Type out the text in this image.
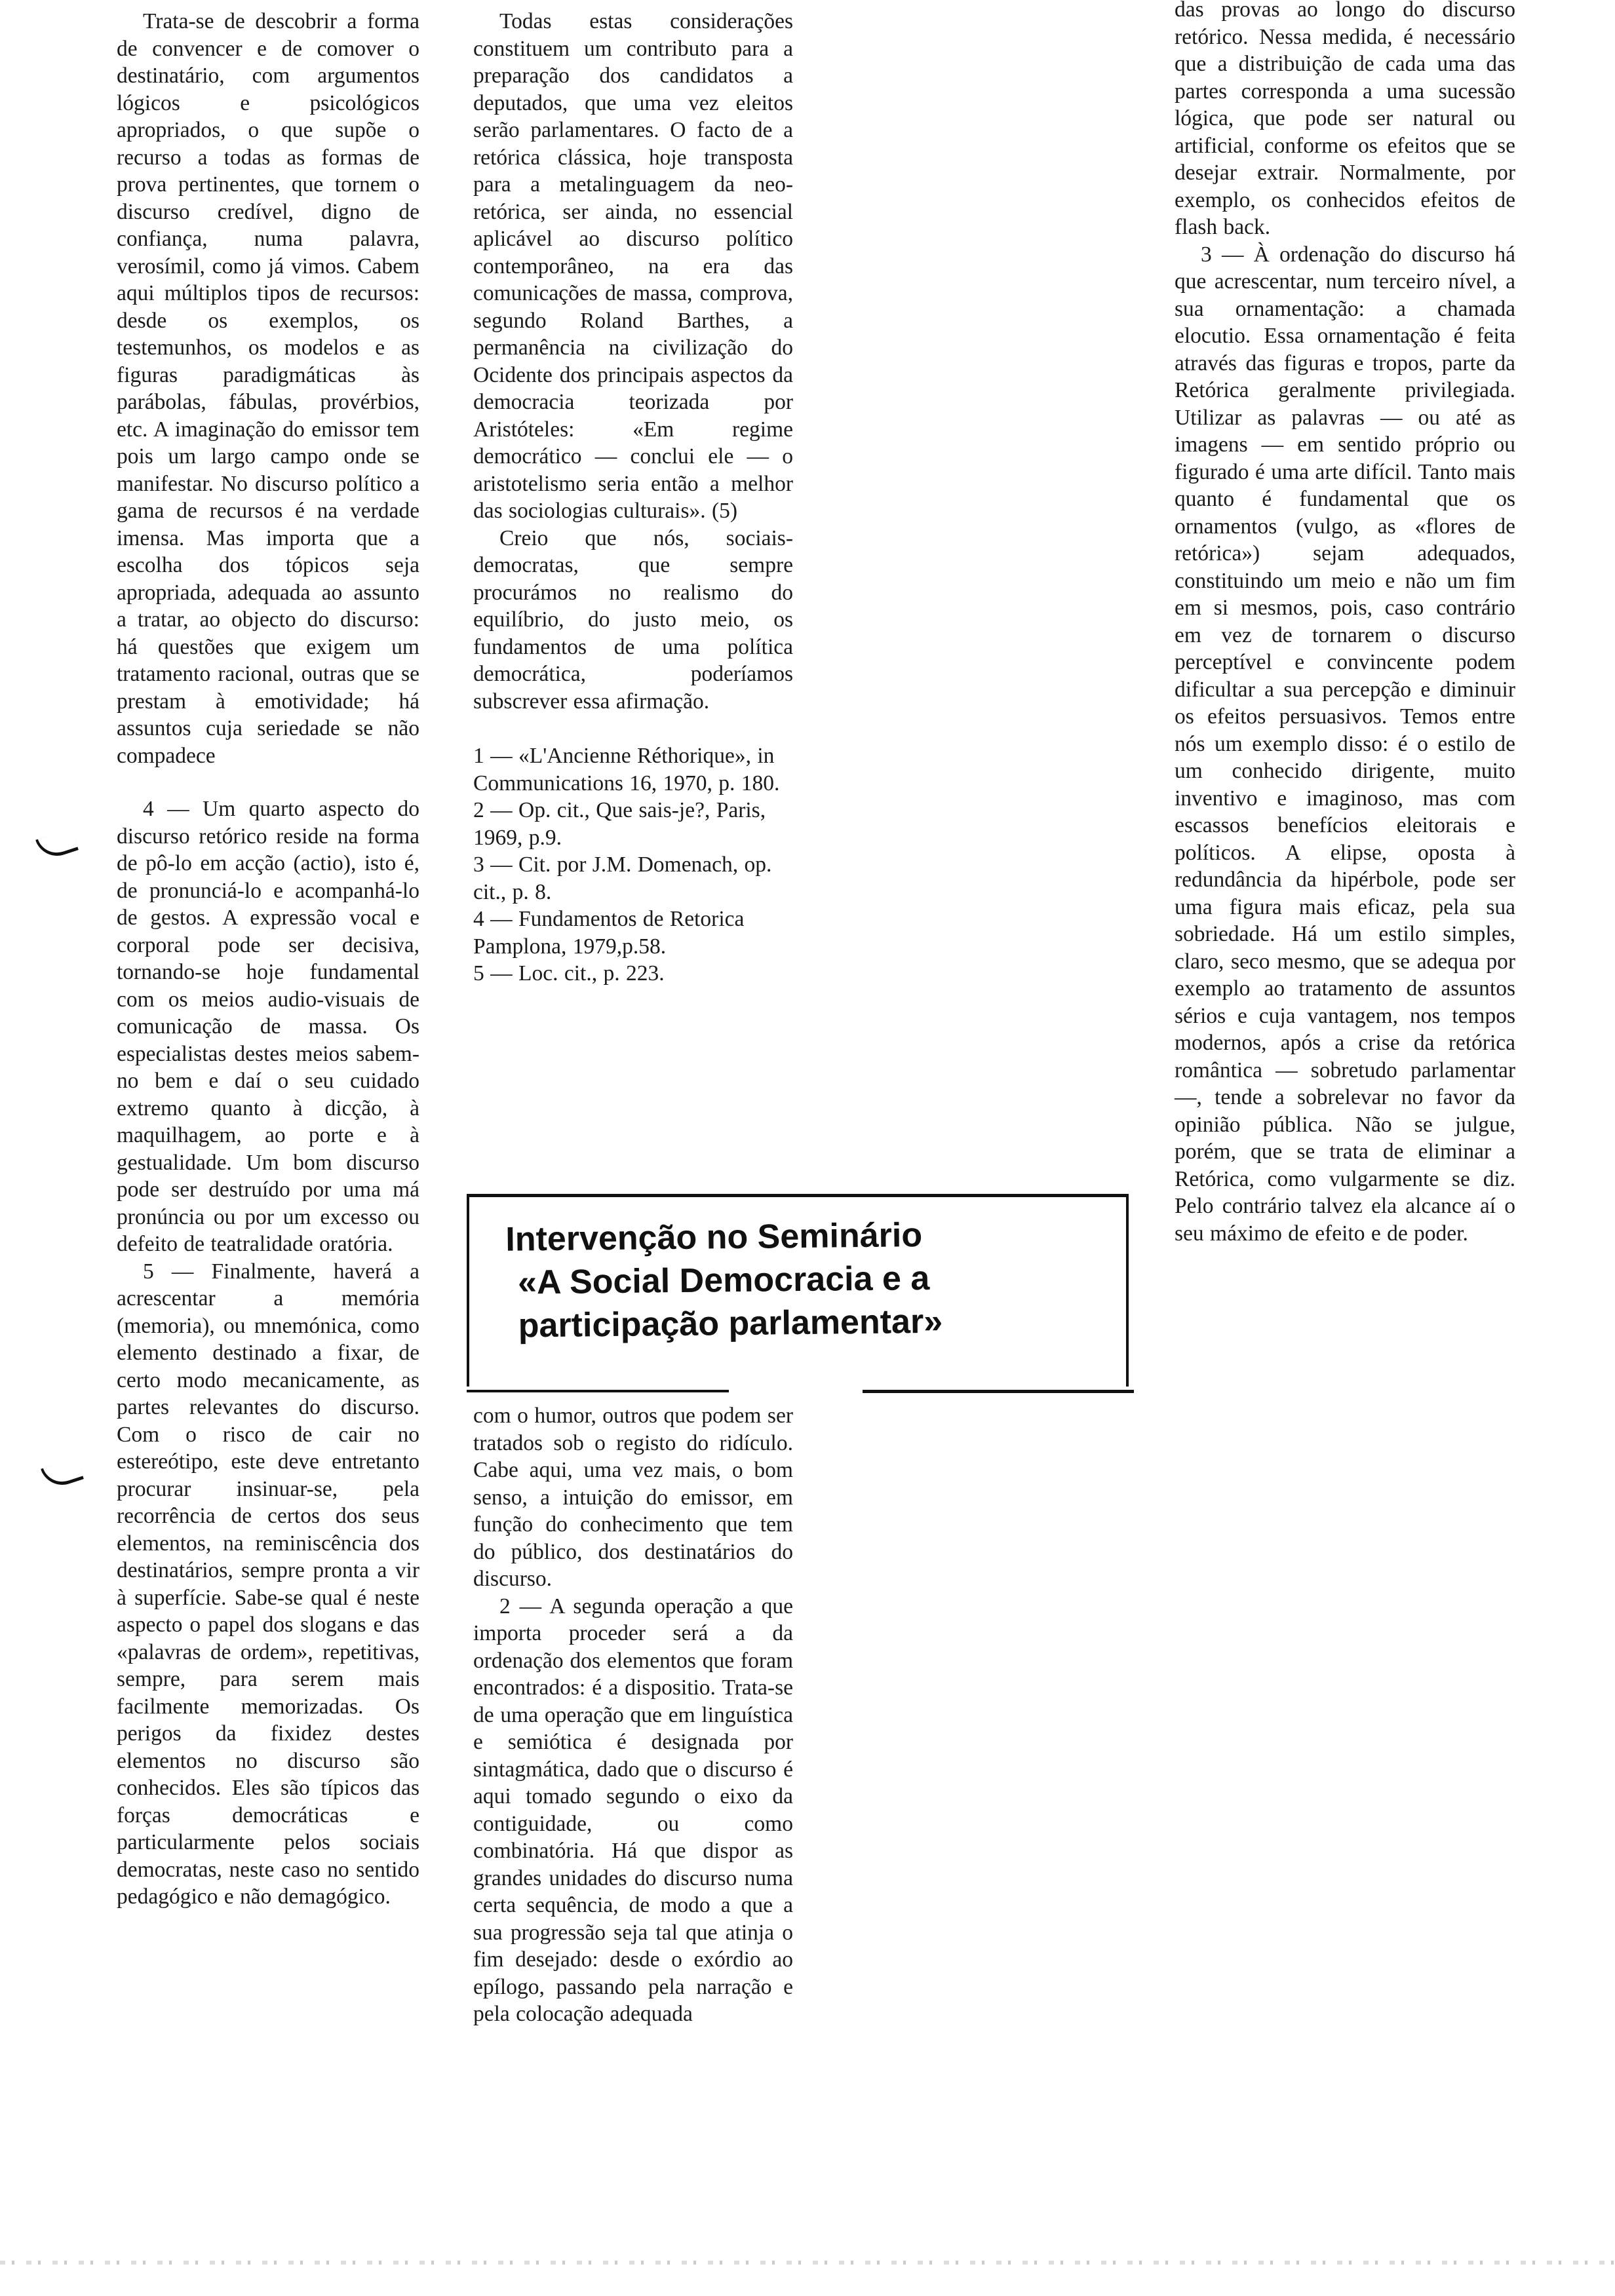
Trata-se de descobrir a forma de convencer e de comover o destinatário, com argumentos lógicos e psicológicos apropriados, o que supõe o recurso a todas as formas de prova pertinentes, que tornem o discurso credível, digno de confiança, numa palavra, verosímil, como já vimos. Cabem aqui múltiplos tipos de recursos: desde os exemplos, os testemunhos, os modelos e as figuras paradigmáticas às parábolas, fábulas, provérbios, etc. A imaginação do emissor tem pois um largo campo onde se manifestar. No discurso político a gama de recursos é na verdade imensa. Mas importa que a escolha dos tópicos seja apropriada, adequada ao assunto a tratar, ao objecto do discurso: há questões que exigem um tratamento racional, outras que se prestam à emotividade; há assuntos cuja seriedade se não compadece

4 — Um quarto aspecto do discurso retórico reside na forma de pô-lo em acção (actio), isto é, de pronunciá-lo e acompanhá-lo de gestos. A expressão vocal e corporal pode ser decisiva, tornando-se hoje fundamental com os meios audio-visuais de comunicação de massa. Os especialistas destes meios sabem-no bem e daí o seu cuidado extremo quanto à dicção, à maquilhagem, ao porte e à gestualidade. Um bom discurso pode ser destruído por uma má pronúncia ou por um excesso ou defeito de teatralidade oratória.

5 — Finalmente, haverá a acrescentar a memória (memoria), ou mnemónica, como elemento destinado a fixar, de certo modo mecanicamente, as partes relevantes do discurso. Com o risco de cair no estereótipo, este deve entretanto procurar insinuar-se, pela recorrência de certos dos seus elementos, na reminiscência dos destinatários, sempre pronta a vir à superfície. Sabe-se qual é neste aspecto o papel dos slogans e das «palavras de ordem», repetitivas, sempre, para serem mais facilmente memorizadas. Os perigos da fixidez destes elementos no discurso são conhecidos. Eles são típicos das forças democráticas e particularmente pelos sociais democratas, neste caso no sentido pedagógico e não demagógico.

Todas estas considerações constituem um contributo para a preparação dos candidatos a deputados, que uma vez eleitos serão parlamentares. O facto de a retórica clássica, hoje transposta para a metalinguagem da neo-retórica, ser ainda, no essencial aplicável ao discurso político contemporâneo, na era das comunicações de massa, comprova, segundo Roland Barthes, a permanência na civilização do Ocidente dos principais aspectos da democracia teorizada por Aristóteles: «Em regime democrático — conclui ele — o aristotelismo seria então a melhor das sociologias culturais». (5)

Creio que nós, sociais-democratas, que sempre procurámos no realismo do equilíbrio, do justo meio, os fundamentos de uma política democrática, poderíamos subscrever essa afirmação.

1 — «L'Ancienne Réthorique», in Communications 16, 1970, p. 180.

2 — Op. cit., Que sais-je?, Paris, 1969, p.9.

3 — Cit. por J.M. Domenach, op. cit., p. 8.

4 — Fundamentos de Retorica Pamplona, 1979,p.58.

5 — Loc. cit., p. 223.

Intervenção no Seminário
«A Social Democracia e a
participação parlamentar»

com o humor, outros que podem ser tratados sob o registo do ridículo. Cabe aqui, uma vez mais, o bom senso, a intuição do emissor, em função do conhecimento que tem do público, dos destinatários do discurso.

2 — A segunda operação a que importa proceder será a da ordenação dos elementos que foram encontrados: é a dispositio. Trata-se de uma operação que em linguística e semiótica é designada por sintagmática, dado que o discurso é aqui tomado segundo o eixo da contiguidade, ou como combinatória. Há que dispor as grandes unidades do discurso numa certa sequência, de modo a que a sua progressão seja tal que atinja o fim desejado: desde o exórdio ao epílogo, passando pela narração e pela colocação adequada

das provas ao longo do discurso retórico. Nessa medida, é necessário que a distribuição de cada uma das partes corresponda a uma sucessão lógica, que pode ser natural ou artificial, conforme os efeitos que se desejar extrair. Normalmente, por exemplo, os conhecidos efeitos de flash back.

3 — À ordenação do discurso há que acrescentar, num terceiro nível, a sua ornamentação: a chamada elocutio. Essa ornamentação é feita através das figuras e tropos, parte da Retórica geralmente privilegiada. Utilizar as palavras — ou até as imagens — em sentido próprio ou figurado é uma arte difícil. Tanto mais quanto é fundamental que os ornamentos (vulgo, as «flores de retórica») sejam adequados, constituindo um meio e não um fim em si mesmos, pois, caso contrário em vez de tornarem o discurso perceptível e convincente podem dificultar a sua percepção e diminuir os efeitos persuasivos. Temos entre nós um exemplo disso: é o estilo de um conhecido dirigente, muito inventivo e imaginoso, mas com escassos benefícios eleitorais e políticos. A elipse, oposta à redundância da hipérbole, pode ser uma figura mais eficaz, pela sua sobriedade. Há um estilo simples, claro, seco mesmo, que se adequa por exemplo ao tratamento de assuntos sérios e cuja vantagem, nos tempos modernos, após a crise da retórica romântica — sobretudo parlamentar —, tende a sobrelevar no favor da opinião pública. Não se julgue, porém, que se trata de eliminar a Retórica, como vulgarmente se diz. Pelo contrário talvez ela alcance aí o seu máximo de efeito e de poder.
